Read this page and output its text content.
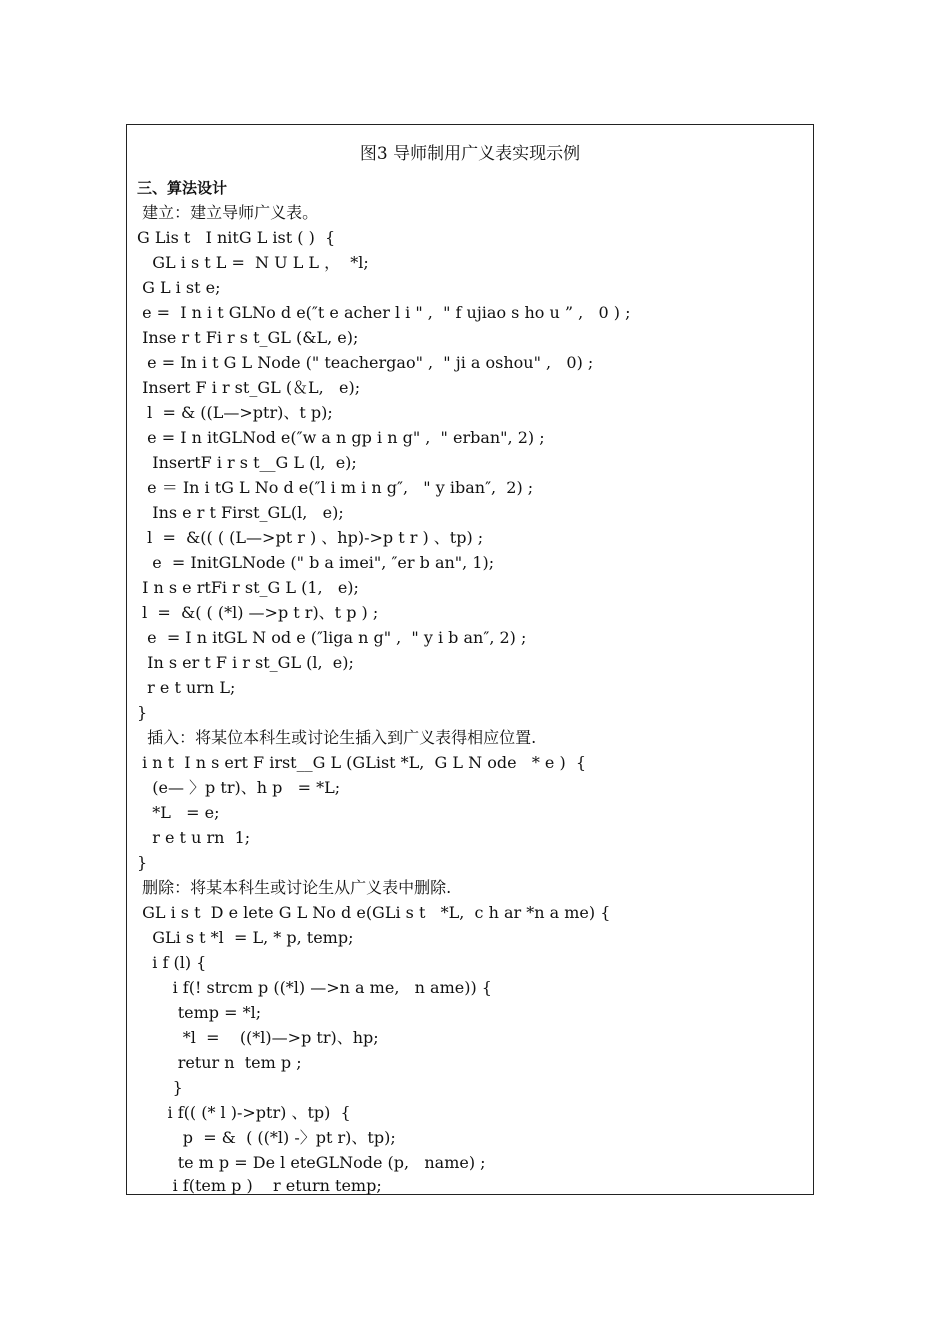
图3 导师制用广义表实现示例
三、算法设计
建立：建立导师广义表。
G Lis t   I nitG L ist ( )  {
GL i s t L =  N U L L ，  *l;
G L i st e;
e =  I n i t GLNo d e(″t e acher l i " ,  " f ujiao s ho u ” ,   0 ) ;
Inse r t Fi r s t_GL (&L, e);
e = In i t G L Node (" teachergao" ,  " ji a oshou" ,   0) ;
Insert F i r st_GL (＆L,   e);
l  = & ((L—>ptr)、t p);
e = I n itGLNod e(″w a n gp i n g" ,  " erban", 2) ;
InsertF i r s t__G L (l,  e);
e ＝ In i tG L No d e(″l i m i n g″,   " y iban″,  2) ;
Ins e r t First_GL(l,   e);
l  =  &(( ( (L—>pt r ) 、hp)->p t r ) 、tp) ;
e  = InitGLNode (" b a imei", ″er b an", 1);
I n s e rtFi r st_G L (1,   e);
l  =  &( ( (*l) —>p t r)、t p ) ;
e  = I n itGL N od e (″liga n g" ,  " y i b an″, 2) ;
In s er t F i r st_GL (l,  e);
r e t urn L;
}
插入：将某位本科生或讨论生插入到广义表得相应位置.
i n t  I n s ert F irst__G L (GList *L,  G L N ode   * e )  {
(e— 〉p tr)、h p   = *L;
*L   = e;
r e t u rn  1;
}
删除：将某本科生或讨论生从广义表中删除.
GL i s t  D e lete G L No d e(GLi s t   *L,  c h ar *n a me) {
GLi s t *l  = L, * p, temp;
i f (l) {
i f(! strcm p ((*l) —>n a me,   n ame)) {
temp = *l;
*l  =    ((*l)—>p tr)、hp;
retur n  tem p ;
}
i f(( (* l )->ptr) 、tp)  {
p  = &  ( ((*l) -〉pt r)、tp);
te m p = De l eteGLNode (p,   name) ;
i f(tem p )    r eturn temp;
